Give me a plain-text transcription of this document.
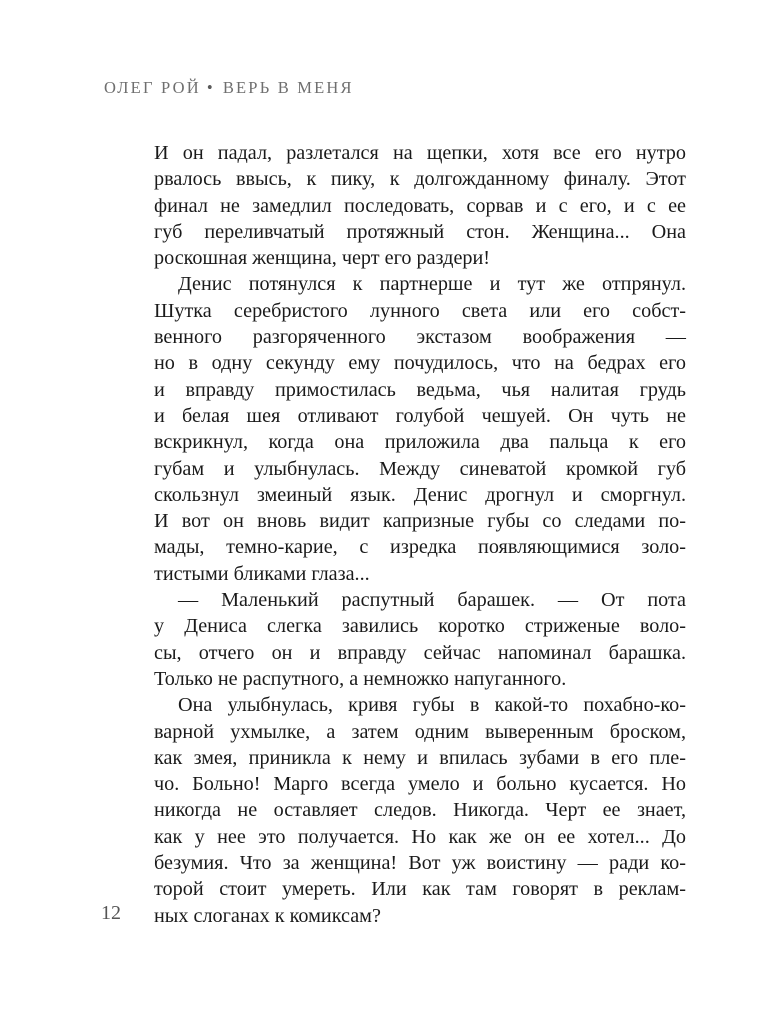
ОЛЕГ РОЙ • ВЕРЬ В МЕНЯ
И он падал, разлетался на щепки, хотя все его нутро
рвалось ввысь, к пику, к долгожданному финалу. Этот
финал не замедлил последовать, сорвав и с его, и с ее
губ переливчатый протяжный стон. Женщина... Она
роскошная женщина, черт его раздери!
Денис потянулся к партнерше и тут же отпрянул.
Шутка серебристого лунного света или его собст-
венного разгоряченного экстазом воображения —
но в одну секунду ему почудилось, что на бедрах его
и вправду примостилась ведьма, чья налитая грудь
и белая шея отливают голубой чешуей. Он чуть не
вскрикнул, когда она приложила два пальца к его
губам и улыбнулась. Между синеватой кромкой губ
скользнул змеиный язык. Денис дрогнул и сморгнул.
И вот он вновь видит капризные губы со следами по-
мады, темно-карие, с изредка появляющимися золо-
тистыми бликами глаза...
— Маленький распутный барашек. — От пота
у Дениса слегка завились коротко стриженые воло-
сы, отчего он и вправду сейчас напоминал барашка.
Только не распутного, а немножко напуганного.
Она улыбнулась, кривя губы в какой-то похабно-ко-
варной ухмылке, а затем одним выверенным броском,
как змея, приникла к нему и впилась зубами в его пле-
чо. Больно! Марго всегда умело и больно кусается. Но
никогда не оставляет следов. Никогда. Черт ее знает,
как у нее это получается. Но как же он ее хотел... До
безумия. Что за женщина! Вот уж воистину — ради ко-
торой стоит умереть. Или как там говорят в реклам-
ных слоганах к комиксам?
12
